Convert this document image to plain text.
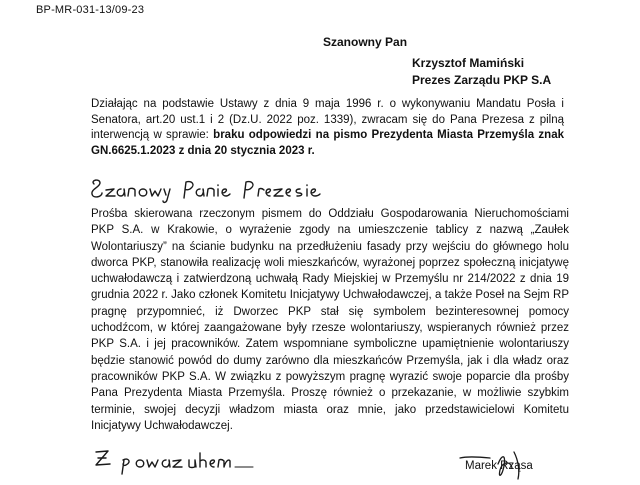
BP-MR-031-13/09-23
Szanowny Pan
Krzysztof Mamiński
Prezes Zarządu PKP S.A
Działając na podstawie Ustawy z dnia 9 maja 1996 r. o wykonywaniu Mandatu Posła i Senatora, art.20 ust.1 i 2 (Dz.U. 2022 poz. 1339), zwracam się do Pana Prezesa z pilną interwencją w sprawie: braku odpowiedzi na pismo Prezydenta Miasta Przemyśla znak GN.6625.1.2023 z dnia 20 stycznia 2023 r.

Prośba skierowana rzeczonym pismem do Oddziału Gospodarowania Nieruchomościami PKP S.A. w Krakowie, o wyrażenie zgody na umieszczenie tablicy z nazwą „Zaułek Wolontariuszy” na ścianie budynku na przedłużeniu fasady przy wejściu do głównego holu dworca PKP, stanowiła realizację woli mieszkańców, wyrażonej poprzez społeczną inicjatywę uchwałodawczą i zatwierdzoną uchwałą Rady Miejskiej w Przemyślu nr 214/2022 z dnia 19 grudnia 2022 r. Jako członek Komitetu Inicjatywy Uchwałodawczej, a także Poseł na Sejm RP pragnę przypomnieć, iż Dworzec PKP stał się symbolem bezinteresownej pomocy uchodźcom, w której zaangażowane były rzesze wolontariuszy, wspieranych również przez PKP S.A. i jej pracowników. Zatem wspomniane symboliczne upamiętnienie wolontariuszy będzie stanowić powód do dumy zarówno dla mieszkańców Przemyśla, jak i dla władz oraz pracowników PKP S.A. W związku z powyższym pragnę wyrazić swoje poparcie dla prośby Pana Prezydenta Miasta Przemyśla. Proszę również o przekazanie, w możliwie szybkim terminie, swojej decyzji władzom miasta oraz mnie, jako przedstawicielowi Komitetu Inicjatywy Uchwałodawczej.

Marek Rząsa
